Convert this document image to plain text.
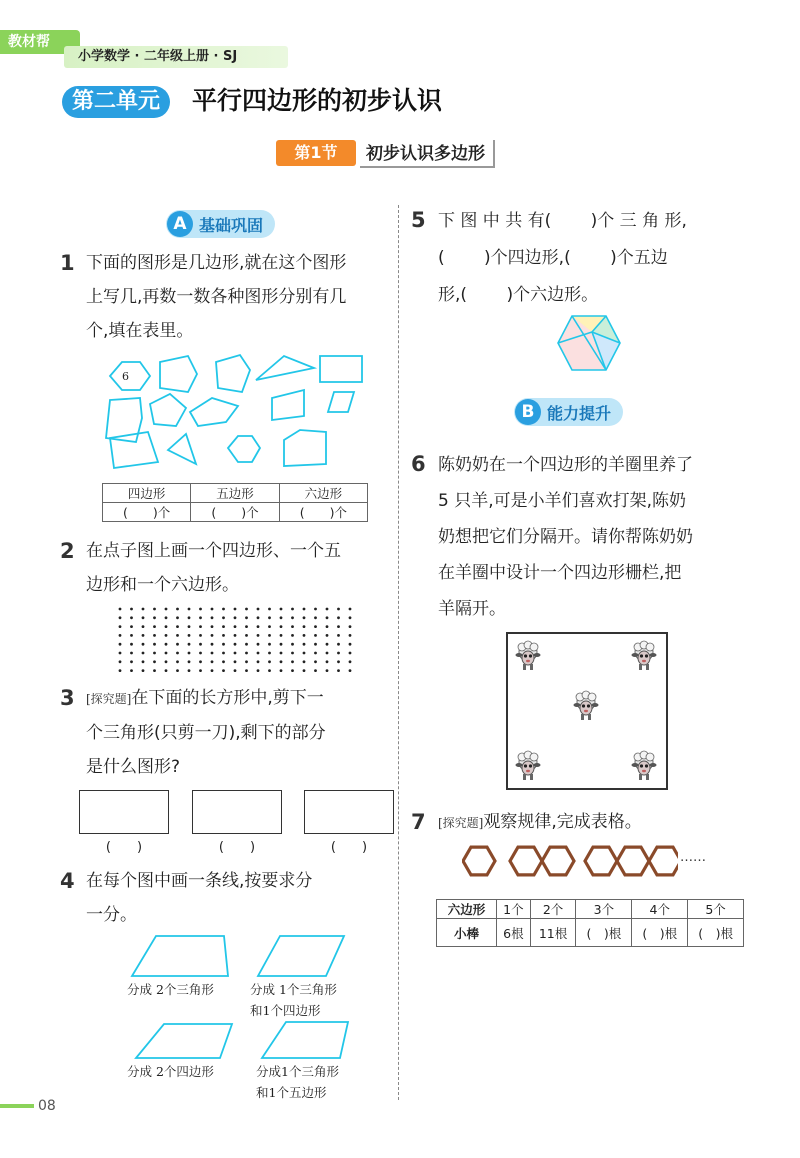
教材帮
小学数学 · 二年级上册 · SJ
第二单元	平行四边形的初步认识
第1节	初步认识多边形
A 基础巩固
1 下面的图形是几边形,就在这个图形
上写几,再数一数各种图形分别有几
个,填在表里。
6
四边形	五边形	六边形
(　　)个	(　　)个	(　　)个
2 在点子图上画一个四边形、一个五
边形和一个六边形。
3 [探究题]在下面的长方形中,剪下一
个三角形(只剪一刀),剩下的部分
是什么图形?
(　　)	(　　)	(　　)
4 在每个图中画一条线,按要求分
一分。
分成 2个三角形	分成 1个三角形
和1个四边形
分成 2个四边形	分成1个三角形
和1个五边形
5 下 图 中 共 有(　　 )个 三 角 形,
(　　 )个四边形,(　　 )个五边
形,(　　 )个六边形。
B 能力提升
6 陈奶奶在一个四边形的羊圈里养了
5 只羊,可是小羊们喜欢打架,陈奶
奶想把它们分隔开。请你帮陈奶奶
在羊圈中设计一个四边形栅栏,把
羊隔开。
7 [探究题]观察规律,完成表格。
……
六边形	1个	2个	3个	4个	5个
小棒	6根	11根	(　)根	(　)根	(　)根
08
